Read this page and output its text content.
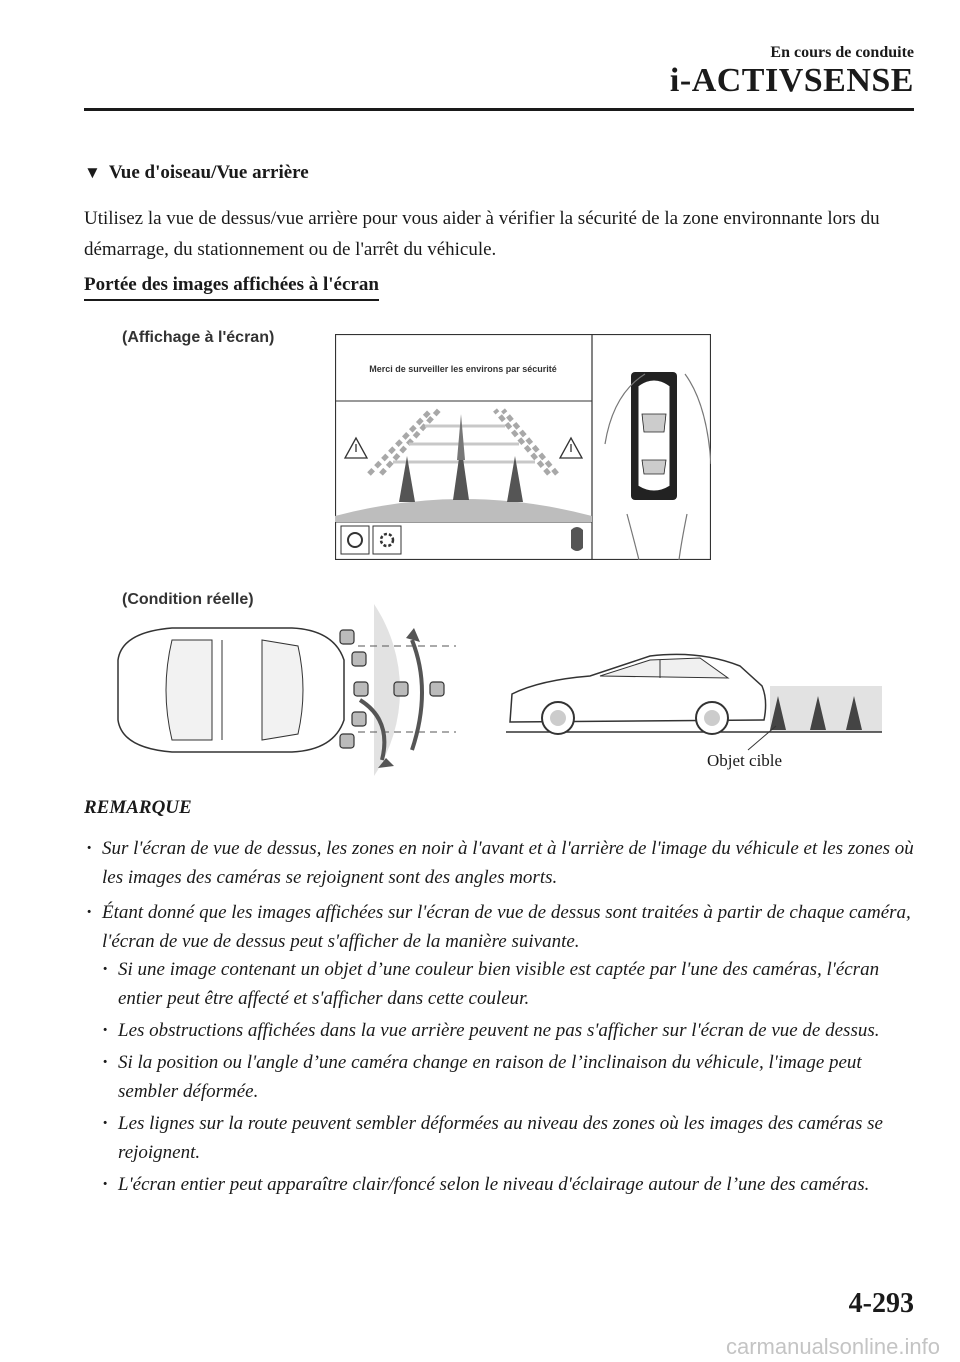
En cours de conduite
i-ACTIVSENSE
▼ Vue d'oiseau/Vue arrière
Utilisez la vue de dessus/vue arrière pour vous aider à vérifier la sécurité de la zone environnante lors du démarrage, du stationnement ou de l'arrêt du véhicule.
Portée des images affichées à l'écran
(Affichage à l'écran)
Merci de surveiller les environs par sécurité
(Condition réelle)
Objet cible
REMARQUE
· Sur l'écran de vue de dessus, les zones en noir à l'avant et à l'arrière de l'image du véhicule et les zones où les images des caméras se rejoignent sont des angles morts.
· Étant donné que les images affichées sur l'écran de vue de dessus sont traitées à partir de chaque caméra, l'écran de vue de dessus peut s'afficher de la manière suivante.
· Si une image contenant un objet d’une couleur bien visible est captée par l'une des caméras, l'écran entier peut être affecté et s'afficher dans cette couleur.
· Les obstructions affichées dans la vue arrière peuvent ne pas s'afficher sur l'écran de vue de dessus.
· Si la position ou l'angle d’une caméra change en raison de l’inclinaison du véhicule, l'image peut sembler déformée.
· Les lignes sur la route peuvent sembler déformées au niveau des zones où les images des caméras se rejoignent.
· L'écran entier peut apparaître clair/foncé selon le niveau d'éclairage autour de l’une des caméras.
4-293
carmanualsonline.info
